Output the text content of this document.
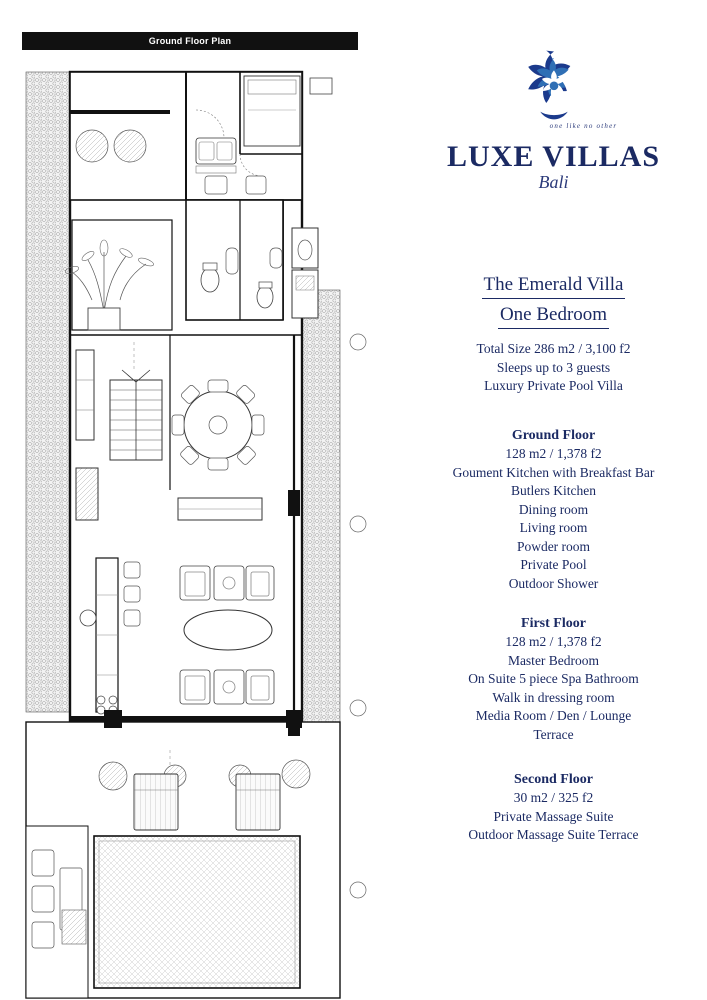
Ground Floor Plan
one like no other
LUXE VILLAS
Bali
The Emerald Villa
One Bedroom
Total Size 286 m2 / 3,100 f2
Sleeps up to 3 guests
Luxury Private Pool Villa
Ground Floor
128 m2 / 1,378 f2
Goument Kitchen with Breakfast Bar
Butlers Kitchen
Dining room
Living room
Powder room
Private Pool
Outdoor Shower
First Floor
128 m2 / 1,378 f2
Master Bedroom
On Suite 5 piece Spa Bathroom
Walk in dressing room
Media Room / Den / Lounge
Terrace
Second Floor
30 m2 / 325 f2
Private Massage Suite
Outdoor Massage Suite Terrace
